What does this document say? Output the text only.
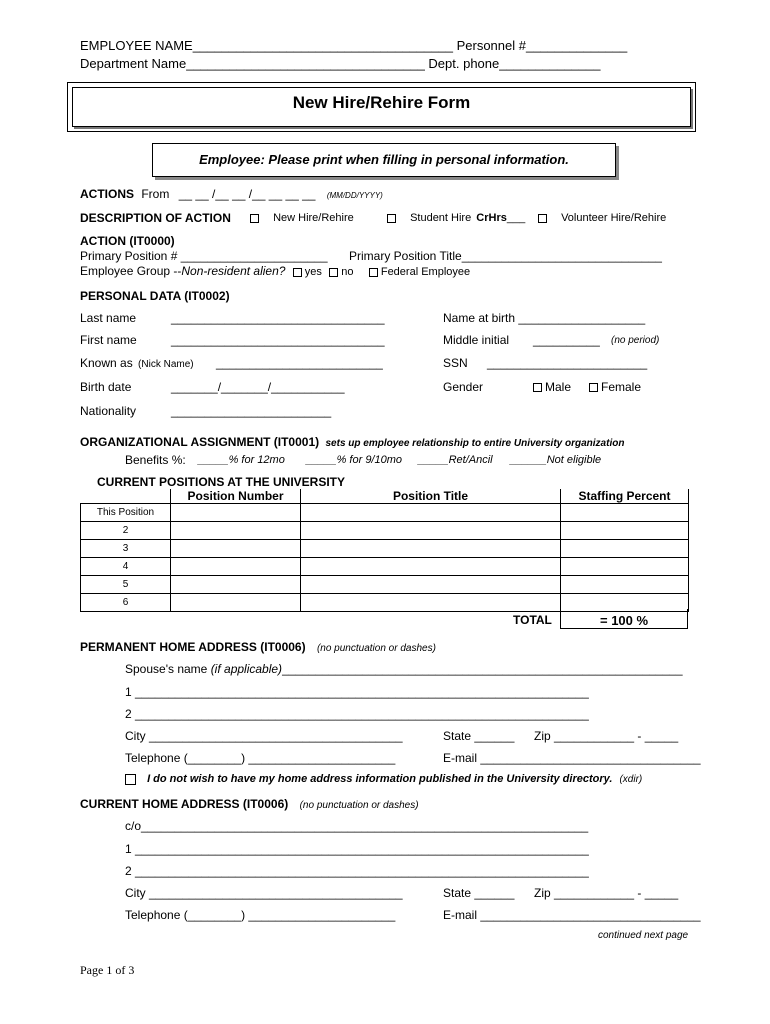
EMPLOYEE NAME____________________________________ Personnel #______________
Department Name_________________________________ Dept. phone______________
New Hire/Rehire Form
Employee: Please print when filling in personal information.
ACTIONS From __ __ /__ __ /__ __ __ __ (MM/DD/YYYY)
DESCRIPTION OF ACTION	New Hire/Rehire	Student Hire CrHrs___	Volunteer Hire/Rehire
ACTION (IT0000)
Primary Position # ______________________ Primary Position Title______________________________
Employee Group --Non-resident alien? yes no Federal Employee
PERSONAL DATA (IT0002)
Last name	________________________________	Name at birth ___________________
First name	________________________________	Middle initial __________ (no period)
Known as (Nick Name) _________________________	SSN ________________________
Birth date	_______/_______/___________	Gender	Male	Female
Nationality	________________________
ORGANIZATIONAL ASSIGNMENT (IT0001) sets up employee relationship to entire University organization
Benefits %: _____% for 12mo _____% for 9/10mo _____Ret/Ancil ______Not eligible
CURRENT POSITIONS AT THE UNIVERSITY
	Position Number	Position Title	Staffing Percent
This Position			
2			
3			
4			
5			
6			
TOTAL	= 100 %
PERMANENT HOME ADDRESS (IT0006) (no punctuation or dashes)
Spouse's name (if applicable)____________________________________________________________
1 ____________________________________________________________________
2 ____________________________________________________________________
City ______________________________________	State ______ Zip ____________ - _____
Telephone (________) ______________________	E-mail _________________________________
I do not wish to have my home address information published in the University directory. (xdir)
CURRENT HOME ADDRESS (IT0006) (no punctuation or dashes)
c/o___________________________________________________________________
1 ____________________________________________________________________
2 ____________________________________________________________________
City ______________________________________	State ______ Zip ____________ - _____
Telephone (________) ______________________	E-mail _________________________________
continued next page
Page 1 of 3
